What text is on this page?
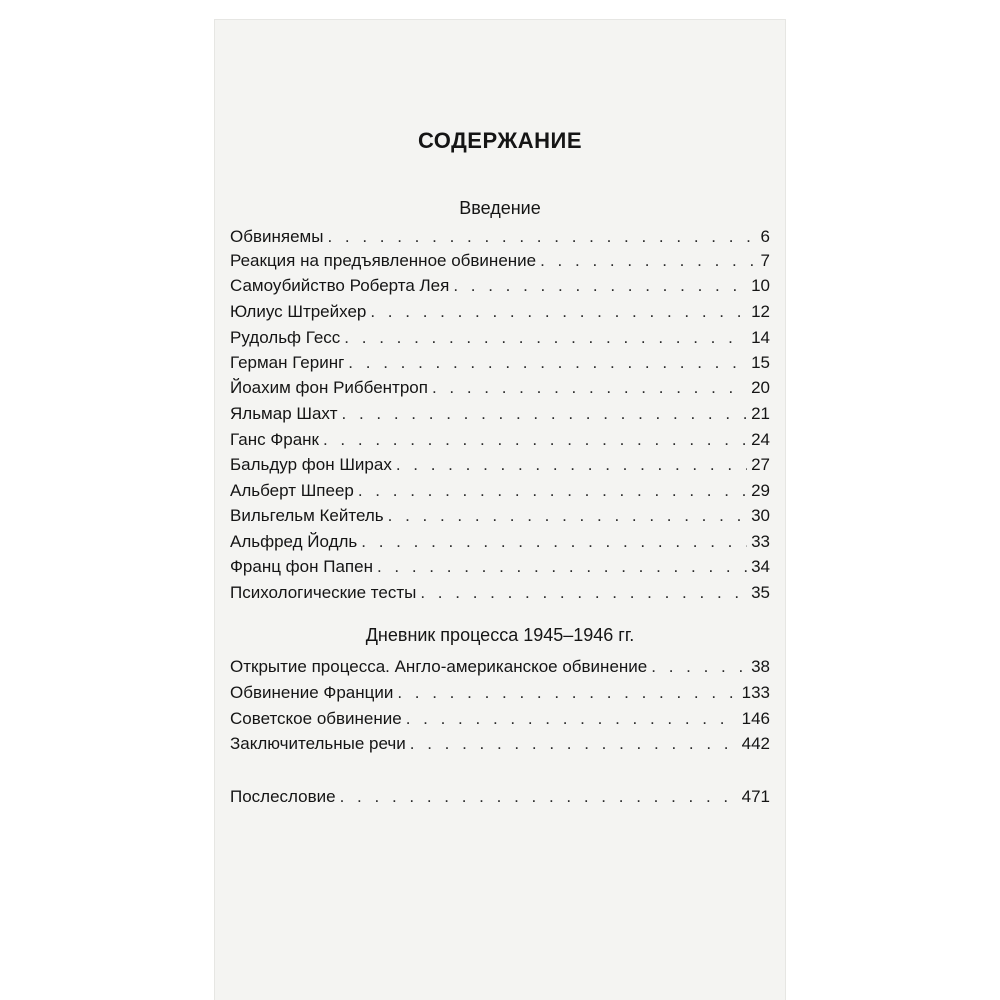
СОДЕРЖАНИЕ
Введение
Обвиняемы . . .	6
Реакция на предъявленное обвинение . . .	7
Самоубийство Роберта Лея . . .	10
Юлиус Штрейхер . . .	12
Рудольф Гесс . . .	14
Герман Геринг . . .	15
Йоахим фон Риббентроп . . .	20
Яльмар Шахт . . .	21
Ганс Франк . . .	24
Бальдур фон Ширах . . .	27
Альберт Шпеер . . .	29
Вильгельм Кейтель . . .	30
Альфред Йодль . . .	33
Франц фон Папен . . .	34
Психологические тесты . . .	35
Дневник процесса 1945–1946 гг.
Открытие процесса. Англо-американское обвинение . . .	38
Обвинение Франции . . .	133
Советское обвинение . . .	146
Заключительные речи . . .	442
Послесловие . . .	471
